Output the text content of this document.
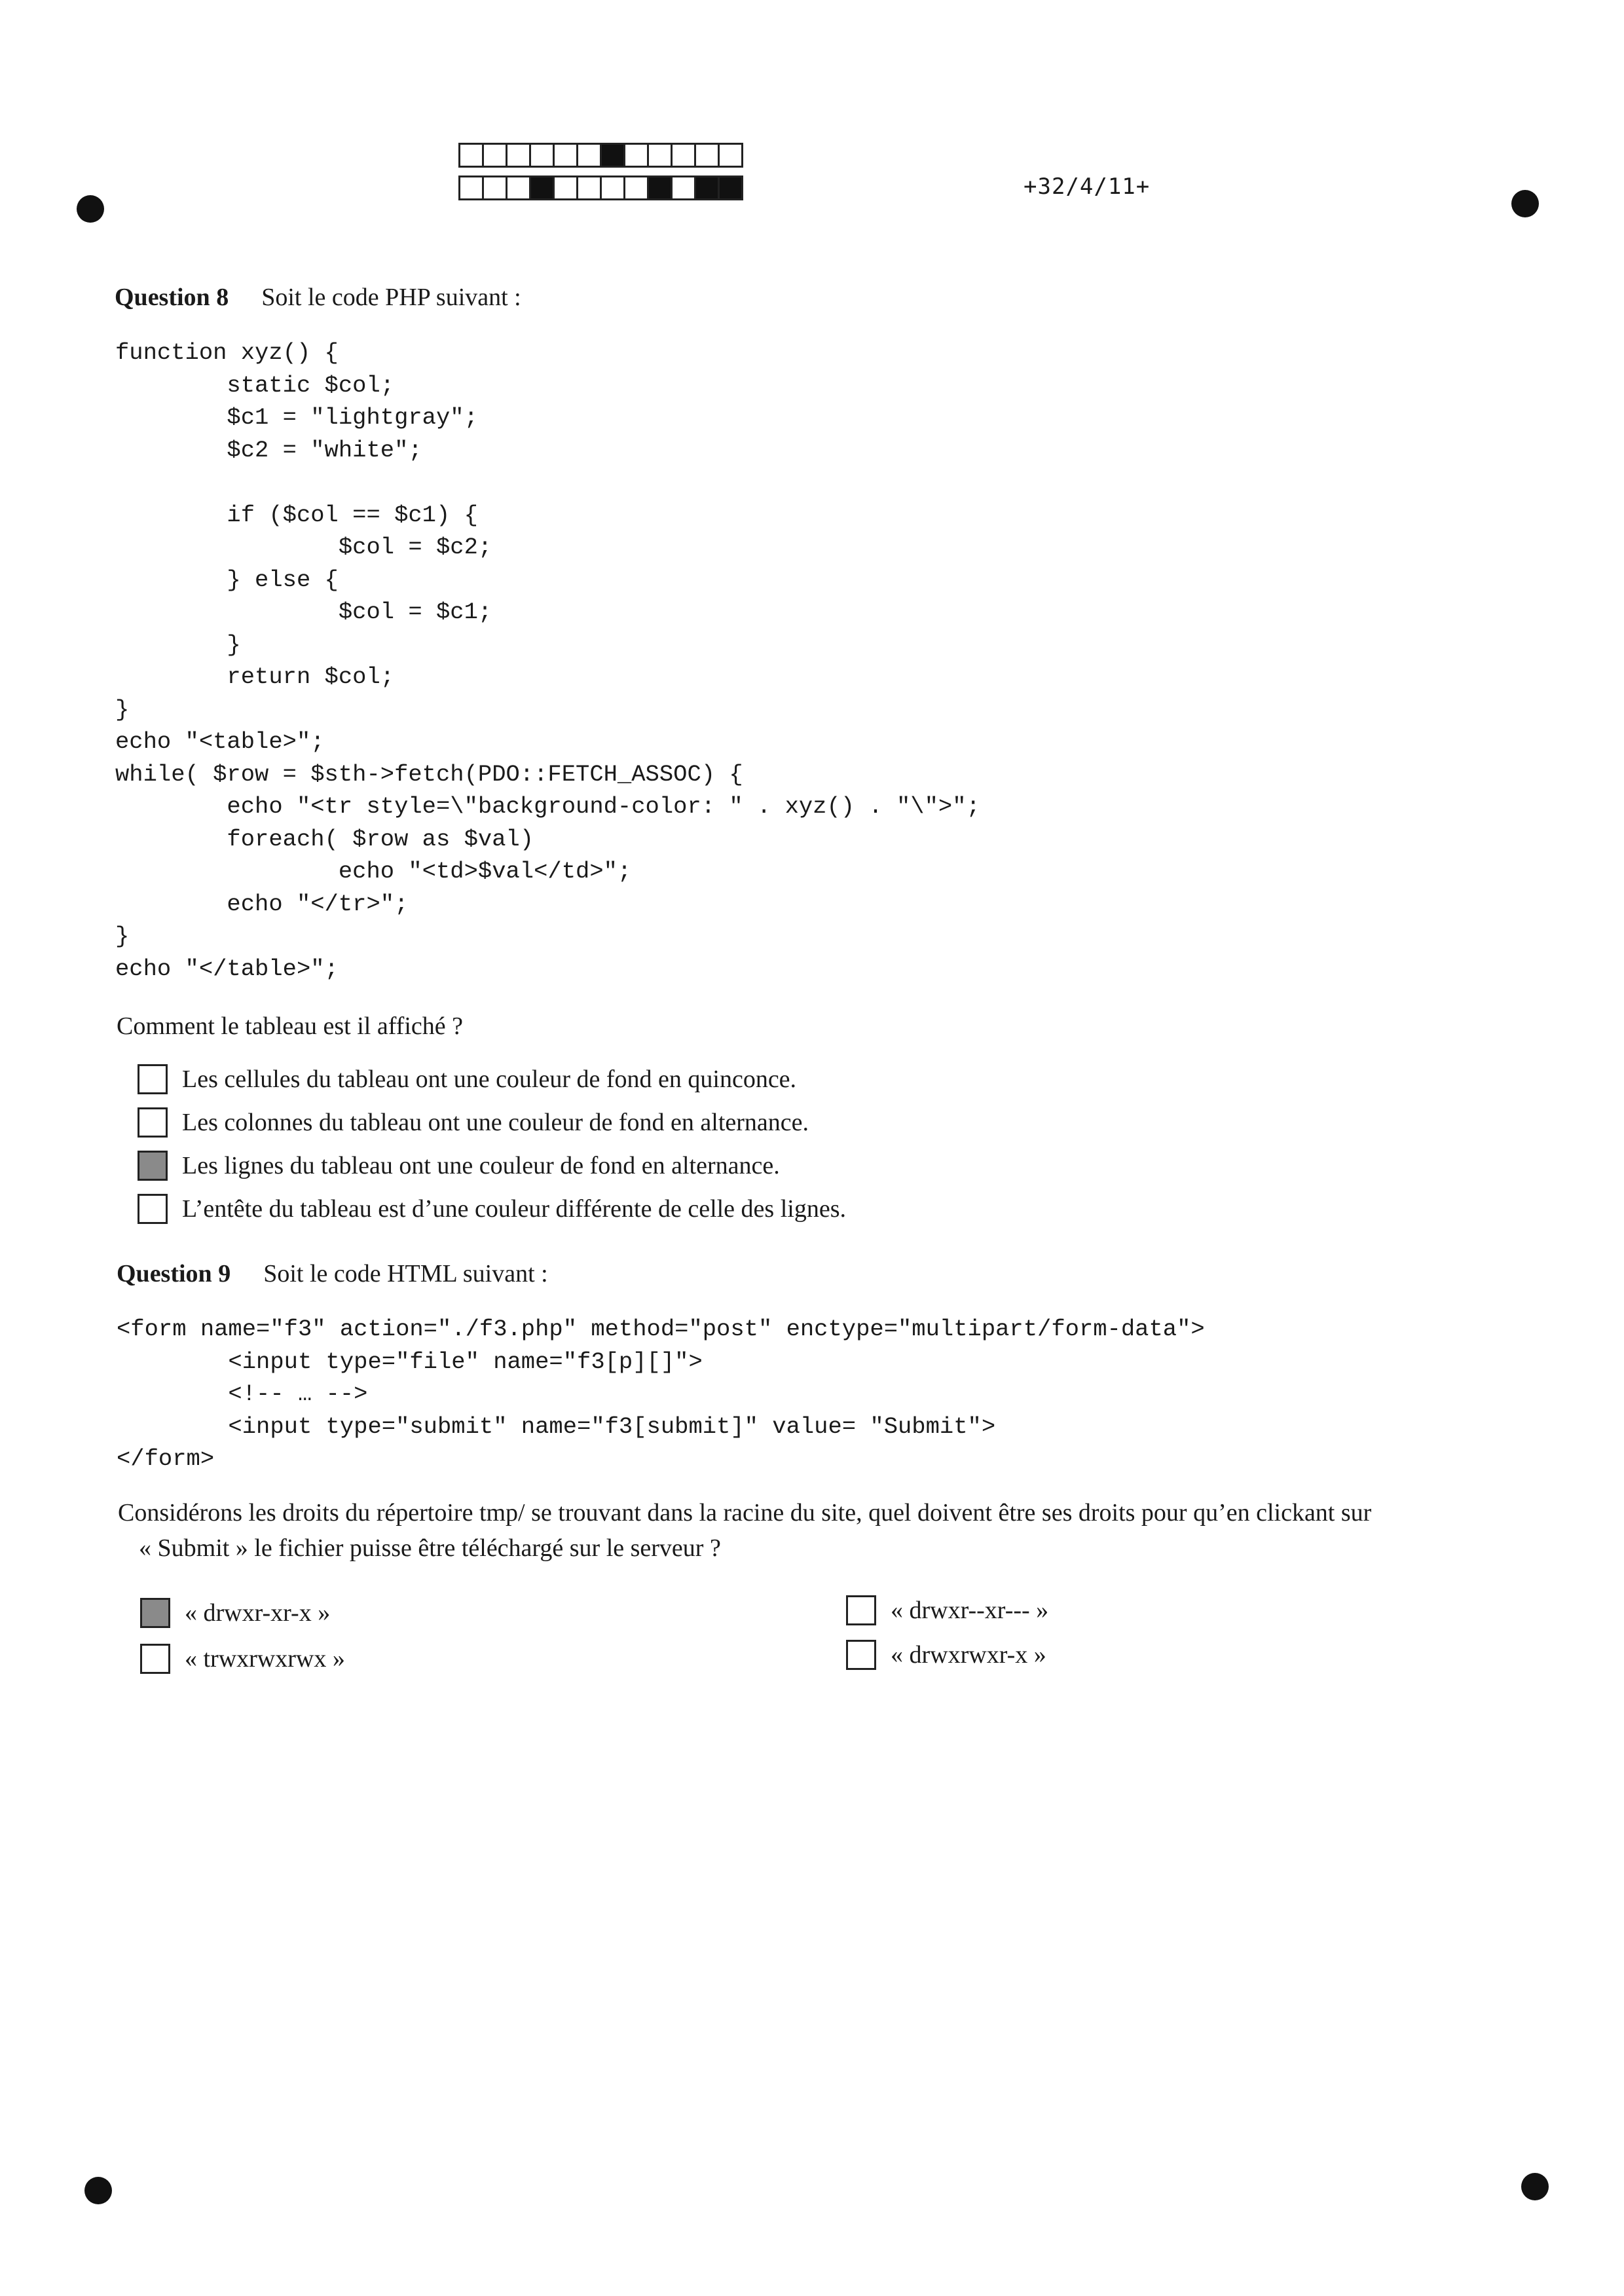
+32/4/11+
Question 8 Soit le code PHP suivant :
function xyz() {
static $col;
$c1 = "lightgray";
$c2 = "white";

if ($col == $c1) {
$col = $c2;
} else {
$col = $c1;
}
return $col;
}
echo "<table>";
while( $row = $sth->fetch(PDO::FETCH_ASSOC) {
echo "<tr style=\"background-color: " . xyz() . "\">";
foreach( $row as $val)
echo "<td>$val</td>";
echo "</tr>";
}
echo "</table>";
Comment le tableau est il affiché ?
Les cellules du tableau ont une couleur de fond en quinconce.
Les colonnes du tableau ont une couleur de fond en alternance.
Les lignes du tableau ont une couleur de fond en alternance.
L’entête du tableau est d’une couleur différente de celle des lignes.
Question 9 Soit le code HTML suivant :
<form name="f3" action="./f3.php" method="post" enctype="multipart/form-data">
<input type="file" name="f3[p][]">
<!-- … -->
<input type="submit" name="f3[submit]" value= "Submit">
</form>
Considérons les droits du répertoire tmp/ se trouvant dans la racine du site, quel doivent être ses droits pour qu’en clickant sur
« Submit » le fichier puisse être téléchargé sur le serveur ?
« drwxr-xr-x »	« drwxr--xr--- »
« trwxrwxrwx »	« drwxrwxr-x »
